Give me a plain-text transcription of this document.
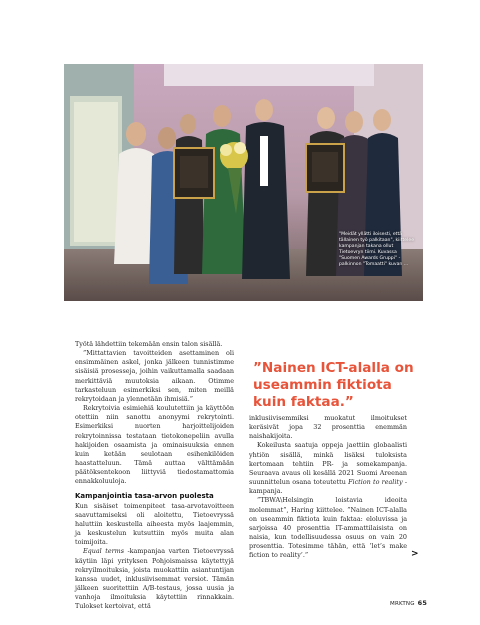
"Meidät yllätti iloisesti, että tällainen työ palkitaan", kiittelee kampanjan takana ollut Tietoevryn tiimi. Kuvassa "Suomen Awards Gruppi" -palkinnon "Tomaatti" kuvan ...

Työtä lähdettiin tekemään ensin talon sisällä.

”Mittattavien tavoitteiden asettaminen oli ensimmäinen askel, jonka jälkeen tunnistimme sisäisiä prosesseja, joihin vaikuttamalla saadaan merkittäviä muutoksia aikaan. Otimme tarkasteluun esimerkiksi sen, miten meillä rekrytoidaan ja ylennetään ihmisiä.”

Rekrytoivia esimiehiä koulutettiin ja käyttöön otettiin niin sanottu anonyymi rekrytointi. Esimerkiksi nuorten harjoittelijoiden rekrytoinnissa testataan tietokonepeliin avulla hakijoiden osaamista ja ominaisuuksia ennen kuin ketään seulotaan esihenkilöiden haastatteluun. Tämä auttaa välttämään päätöksentekoon liittyviä tiedostamattomia ennakkoluuloja.

Kampanjointia tasa-arvon puolesta

Kun sisäiset toimenpiteet tasa-arvotavoitteen saavuttamiseksi oli aloitettu, Tietoevryssä haluttiin keskustella aiheesta myös laajemmin, ja keskustelun kutsuttiin myös muita alan toimijoita.

Equal terms -kampanjaa varten Tietoevryssä käytiin läpi yrityksen Pohjoismaissa käytettyjä rekryilmoituksia, joista muokattiin asiantuntijan kanssa uudet, inklusiivisemmat versiot. Tämän jälkeen suoritettiin A/B-testaus, jossa uusia ja vanhoja ilmoituksia käytettiin rinnakkain. Tulokset kertoivat, että

”Nainen ICT-alalla on useammin fiktiota kuin faktaa.”

inklusiivisemmiksi muokatut ilmoitukset keräsivät jopa 32 prosenttia enemmän naishakijoita.

Kokeilusta saatuja oppeja jaettiin globaalisti yhtiön sisällä, minkä lisäksi tuloksista kertomaan tehtiin PR- ja somekampanja. Seuraava avaus oli kesällä 2021 Suomi Areenan suunnittelun osana toteutettu Fiction to reality -kampanja.

”TBWA\Helsingin loistavia ideoita molemmat”, Haring kiittelee. ”Nainen ICT-alalla on useammin fiktiota kuin faktaa: eloluvissa ja sarjoissa 40 prosenttia IT-ammattilaisista on naisia, kun todellisuudessa osuus on vain 20 prosenttia. Totesimme tähän, että ’let’s make fiction to reality’.”	>
MRKTNG 65
